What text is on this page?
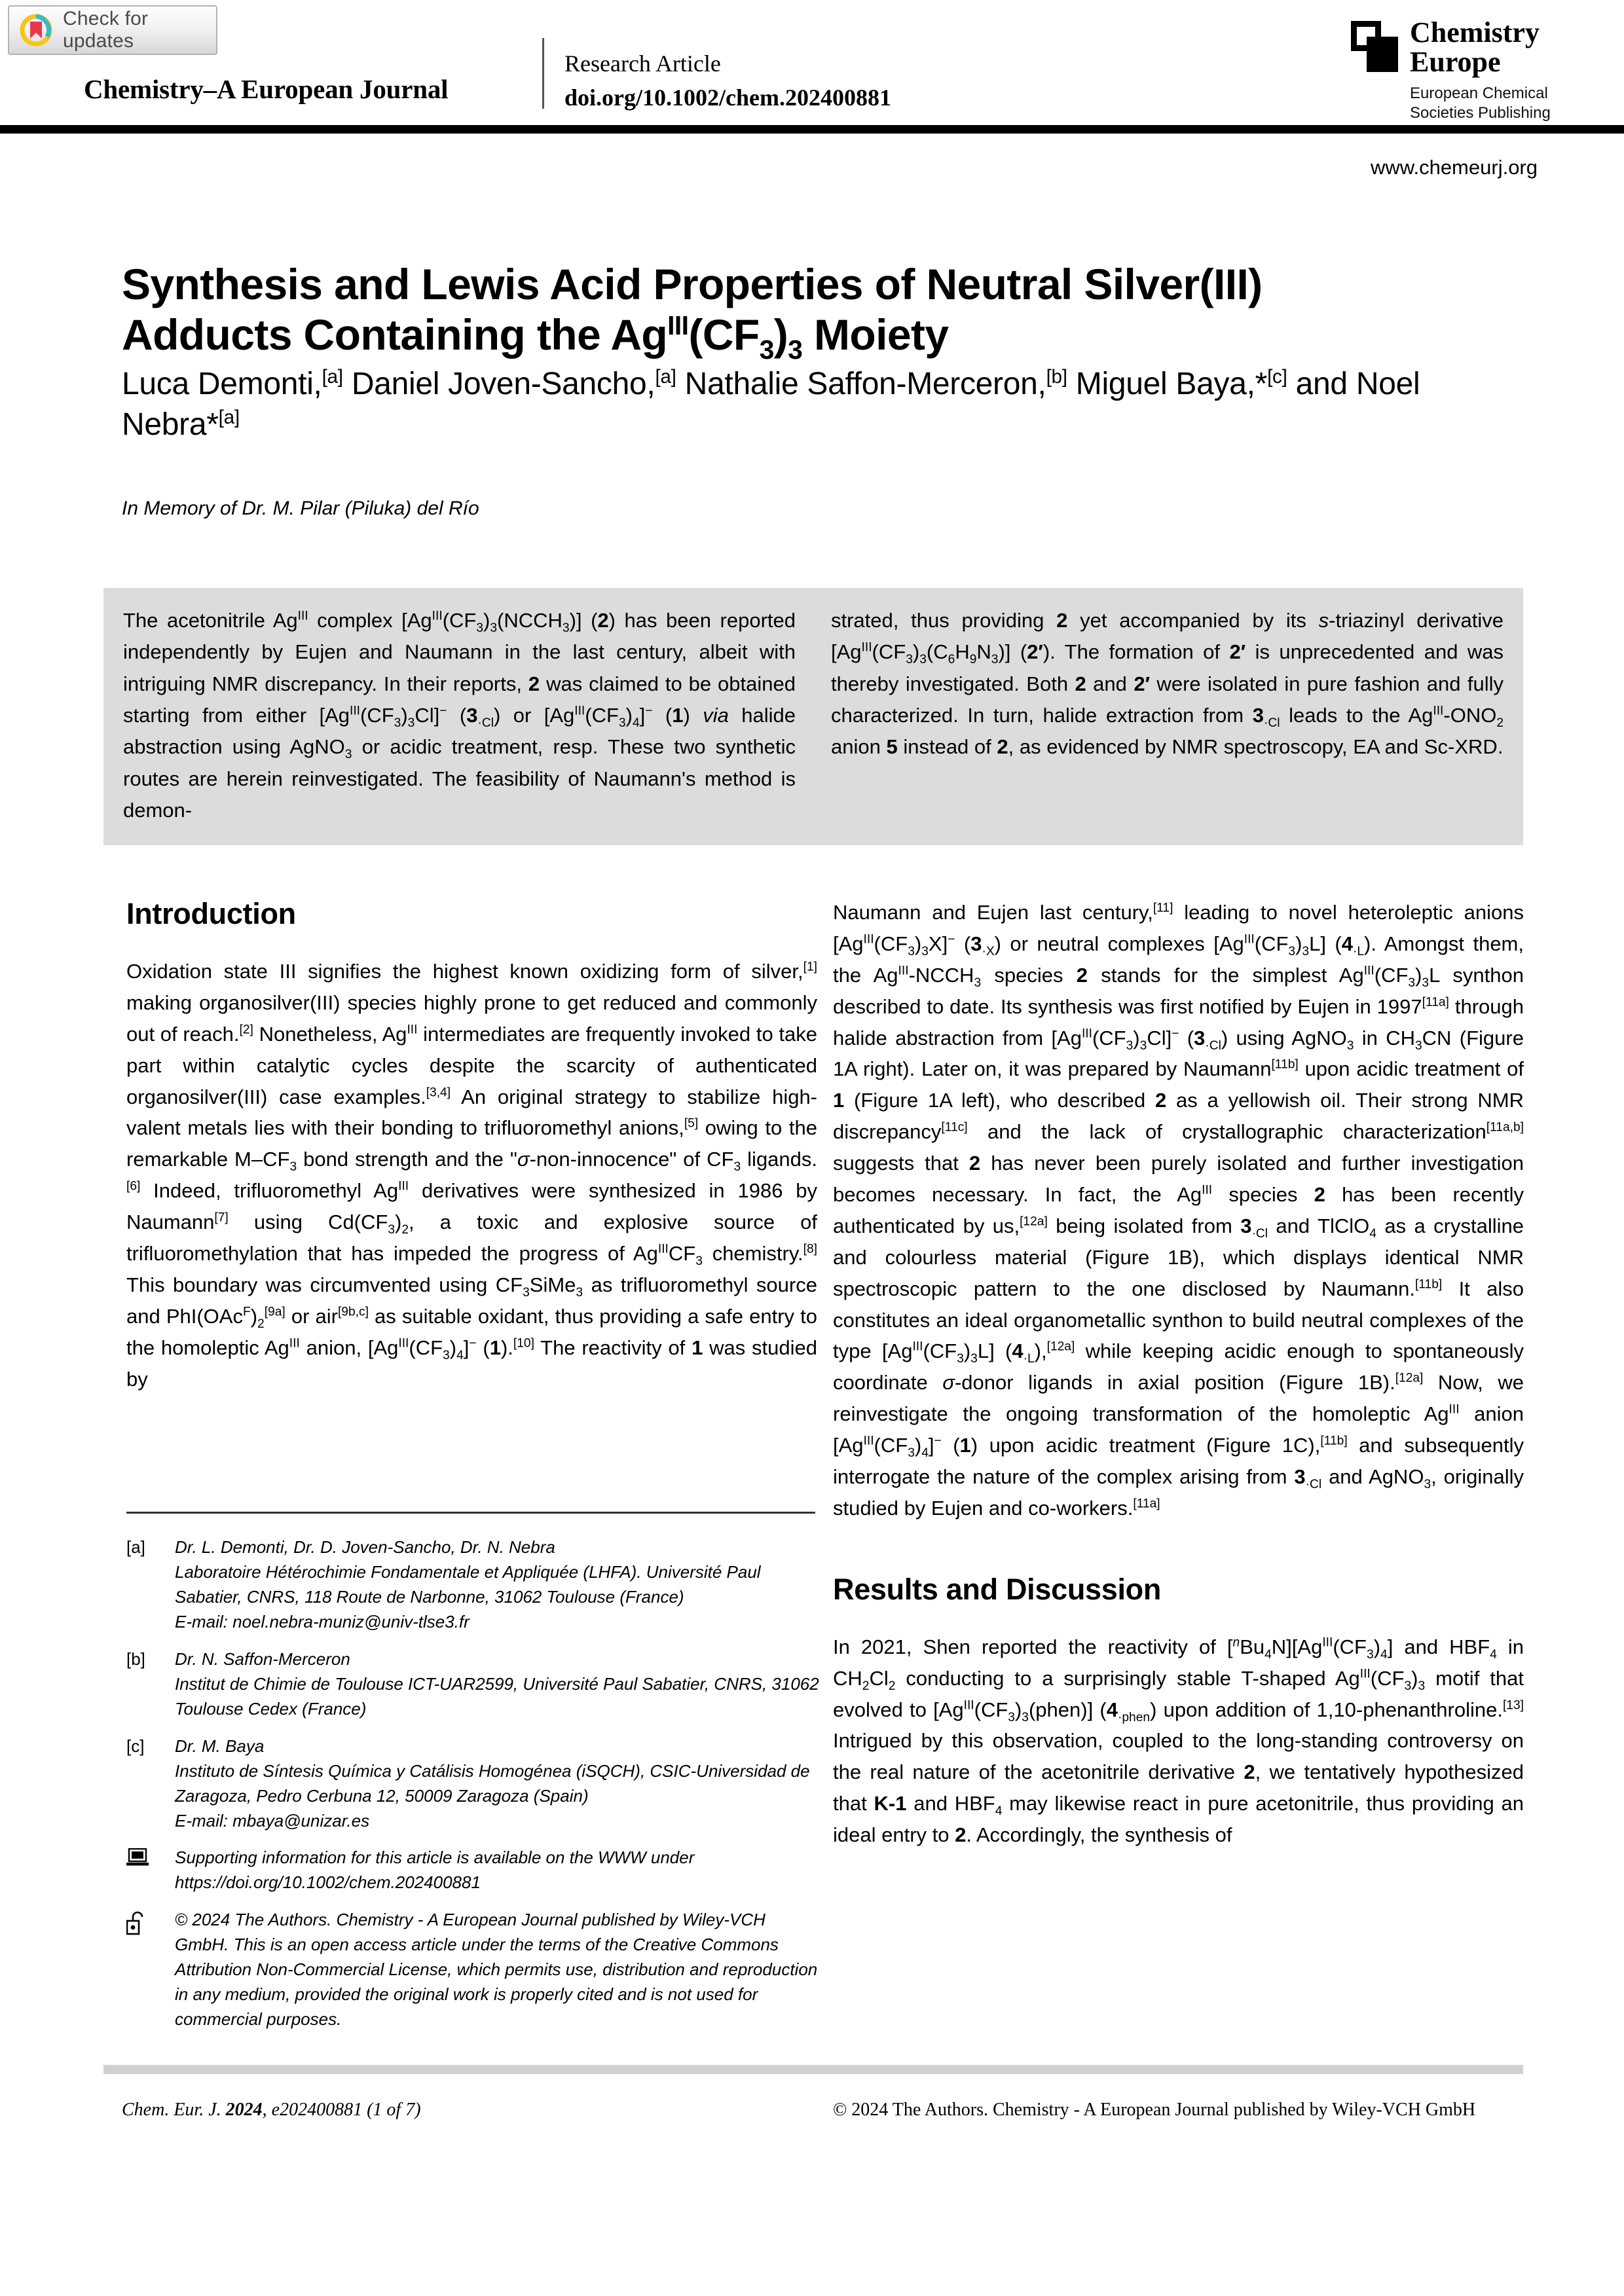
Check for updates
Chemistry–A European Journal
Research Article
doi.org/10.1002/chem.202400881
Chemistry
Europe
European Chemical
Societies Publishing
www.chemeurj.org
Synthesis and Lewis Acid Properties of Neutral Silver(III)
Adducts Containing the $Ag^{III}(CF_3)_3$ Moiety
Luca Demonti,[a] Daniel Joven-Sancho,[a] Nathalie Saffon-Merceron,[b] Miguel Baya,*[c] and Noel Nebra*[a]
In Memory of Dr. M. Pilar (Piluka) del Río
The acetonitrile $Ag^{III}$ complex $[Ag^{III}(CF_3)_3(NCCH_3)]$ (2) has been reported independently by Eujen and Naumann in the last century, albeit with intriguing NMR discrepancy. In their reports, 2 was claimed to be obtained starting from either $[Ag^{III}(CF_3)_3Cl]^-$ $(3_{\cdot Cl})$ or $[Ag^{III}(CF_3)_4]^-$ (1) via halide abstraction using AgNO$_3$ or acidic treatment, resp. These two synthetic routes are herein reinvestigated. The feasibility of Naumann's method is demon-
strated, thus providing 2 yet accompanied by its s-triazinyl derivative $[Ag^{III}(CF_3)_3(C_6H_9N_3)]$ (2′). The formation of 2′ is unprecedented and was thereby investigated. Both 2 and 2′ were isolated in pure fashion and fully characterized. In turn, halide extraction from $3_{\cdot Cl}$ leads to the $Ag^{III}-ONO_2$ anion 5 instead of 2, as evidenced by NMR spectroscopy, EA and Sc-XRD.
Introduction

Oxidation state III signifies the highest known oxidizing form of silver,[1] making organosilver(III) species highly prone to get reduced and commonly out of reach.[2] Nonetheless, $Ag^{III}$ intermediates are frequently invoked to take part within catalytic cycles despite the scarcity of authenticated organosilver(III) case examples.[3,4] An original strategy to stabilize high-valent metals lies with their bonding to trifluoromethyl anions,[5] owing to the remarkable $M-CF_3$ bond strength and the "σ-non-innocence" of $CF_3$ ligands.[6] Indeed, trifluoromethyl $Ag^{III}$ derivatives were synthesized in 1986 by Naumann[7] using $Cd(CF_3)_2$, a toxic and explosive source of trifluoromethylation that has impeded the progress of $Ag^{III}CF_3$ chemistry.[8] This boundary was circumvented using $CF_3SiMe_3$ as trifluoromethyl source and $PhI(OAc^F)_2[9a]$ or air[9b,c] as suitable oxidant, thus providing a safe entry to the homoleptic $Ag^{III}$ anion, $[Ag^{III}(CF_3)_4]^-$ (1).[10] The reactivity of 1 was studied by

[a]	Dr. L. Demonti, Dr. D. Joven-Sancho, Dr. N. Nebra
Laboratoire Hétérochimie Fondamentale et Appliquée (LHFA). Université Paul Sabatier, CNRS, 118 Route de Narbonne, 31062 Toulouse (France)
E-mail: noel.nebra-muniz@univ-tlse3.fr
[b]	Dr. N. Saffon-Merceron
Institut de Chimie de Toulouse ICT-UAR2599, Université Paul Sabatier, CNRS, 31062 Toulouse Cedex (France)
[c]	Dr. M. Baya
Instituto de Síntesis Química y Catálisis Homogénea (iSQCH), CSIC-Universidad de Zaragoza, Pedro Cerbuna 12, 50009 Zaragoza (Spain)
E-mail: mbaya@unizar.es
Supporting information for this article is available on the WWW under https://doi.org/10.1002/chem.202400881
© 2024 The Authors. Chemistry - A European Journal published by Wiley-VCH GmbH. This is an open access article under the terms of the Creative Commons Attribution Non-Commercial License, which permits use, distribution and reproduction in any medium, provided the original work is properly cited and is not used for commercial purposes.

Naumann and Eujen last century,[11] leading to novel heteroleptic anions $[Ag^{III}(CF_3)_3X]^-$ $(3_{\cdot X})$ or neutral complexes $[Ag^{III}(CF_3)_3L]$ $(4_{\cdot L})$. Amongst them, the $Ag^{III}-NCCH_3$ species 2 stands for the simplest $Ag^{III}(CF_3)_3L$ synthon described to date. Its synthesis was first notified by Eujen in 1997[11a] through halide abstraction from $[Ag^{III}(CF_3)_3Cl]^-$ $(3_{\cdot Cl})$ using AgNO$_3$ in $CH_3CN$ (Figure 1A right). Later on, it was prepared by Naumann[11b] upon acidic treatment of 1 (Figure 1A left), who described 2 as a yellowish oil. Their strong NMR discrepancy[11c] and the lack of crystallographic characterization[11a,b] suggests that 2 has never been purely isolated and further investigation becomes necessary. In fact, the $Ag^{III}$ species 2 has been recently authenticated by us,[12a] being isolated from $3_{\cdot Cl}$ and TlClO$_4$ as a crystalline and colourless material (Figure 1B), which displays identical NMR spectroscopic pattern to the one disclosed by Naumann.[11b] It also constitutes an ideal organometallic synthon to build neutral complexes of the type $[Ag^{III}(CF_3)_3L]$ $(4_{\cdot L}),[12a]$ while keeping acidic enough to spontaneously coordinate σ-donor ligands in axial position (Figure 1B).[12a] Now, we reinvestigate the ongoing transformation of the homoleptic $Ag^{III}$ anion $[Ag^{III}(CF_3)_4]^-$ (1) upon acidic treatment (Figure 1C),[11b] and subsequently interrogate the nature of the complex arising from $3_{\cdot Cl}$ and AgNO$_3$, originally studied by Eujen and co-workers.[11a]

Results and Discussion

In 2021, Shen reported the reactivity of $[^nBu_4N][Ag^{III}(CF_3)_4]$ and $HBF_4$ in $CH_2Cl_2$ conducting to a surprisingly stable T-shaped $Ag^{III}(CF_3)_3$ motif that evolved to $[Ag^{III}(CF_3)_3(phen)]$ $(4_{\cdot phen})$ upon addition of 1,10-phenanthroline.[13] Intrigued by this observation, coupled to the long-standing controversy on the real nature of the acetonitrile derivative 2, we tentatively hypothesized that K-1 and $HBF_4$ may likewise react in pure acetonitrile, thus providing an ideal entry to 2. Accordingly, the synthesis of

Chem. Eur. J. 2024, e202400881 (1 of 7)	© 2024 The Authors. Chemistry - A European Journal published by Wiley-VCH GmbH
